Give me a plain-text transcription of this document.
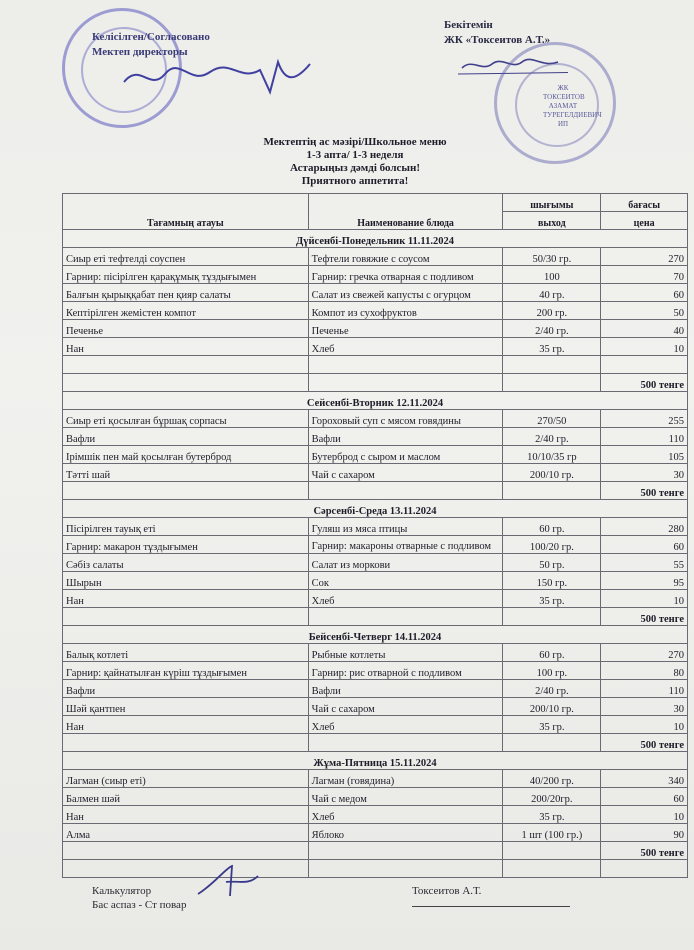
Келісілген/Согласовано
Мектеп директоры
Бекітемін
ЖК «Токсеитов А.Т.»
ЖК ТОКСЕИТОВ АЗАМАТ ТУРЕГЕЛДИЕВИЧ ИП
Мектептің ас мәзірі/Школьное меню
1-3 апта/ 1-3 неделя
Астарыңыз дәмді болсын!
Приятного аппетита!
Тағамның атауы	Наименование блюда	шығымы	бағасы
		выход	цена
Дүйсенбі-Понедельник 11.11.2024			
Сиыр еті тефтелді соуспен	Тефтели говяжие с соусом	50/30 гр.	270
Гарнир: пісірілген қарақұмық тұздығымен	Гарнир: гречка отварная с подливом	100	70
Балғын қырыққабат пен қияр салаты	Салат из свежей капусты с огурцом	40 гр.	60
Кептірілген жемістен компот	Компот из сухофруктов	200 гр.	50
Печенье	Печенье	2/40 гр.	40
Нан	Хлеб	35 гр.	10

			500 тенге
Сейсенбі-Вторник 12.11.2024			
Сиыр еті қосылған бұршақ сорпасы	Гороховый суп с мясом говядины	270/50	255
Вафли	Вафли	2/40 гр.	110
Ірімшік пен май қосылған бутерброд	Бутерброд с сыром и маслом	10/10/35 гр	105
Тәтті шай	Чай с сахаром	200/10 гр.	30
			500 тенге
Сәрсенбі-Среда 13.11.2024			
Пісірілген тауық еті	Гуляш из мяса птицы	60 гр.	280
Гарнир: макарон тұздығымен	Гарнир: макароны отварные с подливом	100/20 гр.	60
Сәбіз салаты	Салат из моркови	50 гр.	55
Шырын	Сок	150 гр.	95
Нан	Хлеб	35 гр.	10
			500 тенге
Бейсенбі-Четверг 14.11.2024			
Балық котлеті	Рыбные котлеты	60 гр.	270
Гарнир: қайнатылған күріш тұздығымен	Гарнир: рис отварной с подливом	100 гр.	80
Вафли	Вафли	2/40 гр.	110
Шәй қантпен	Чай с сахаром	200/10 гр.	30
Нан	Хлеб	35 гр.	10
			500 тенге
Жұма-Пятница 15.11.2024			
Лагман (сиыр еті)	Лагман (говядина)	40/200 гр.	340
Балмен шәй	Чай с медом	200/20гр.	60
Нан	Хлеб	35 гр.	10
Алма	Яблоко	1 шт (100 гр.)	90
			500 тенге

Калькулятор
Бас аспаз - Ст повар
Токсеитов А.Т.
